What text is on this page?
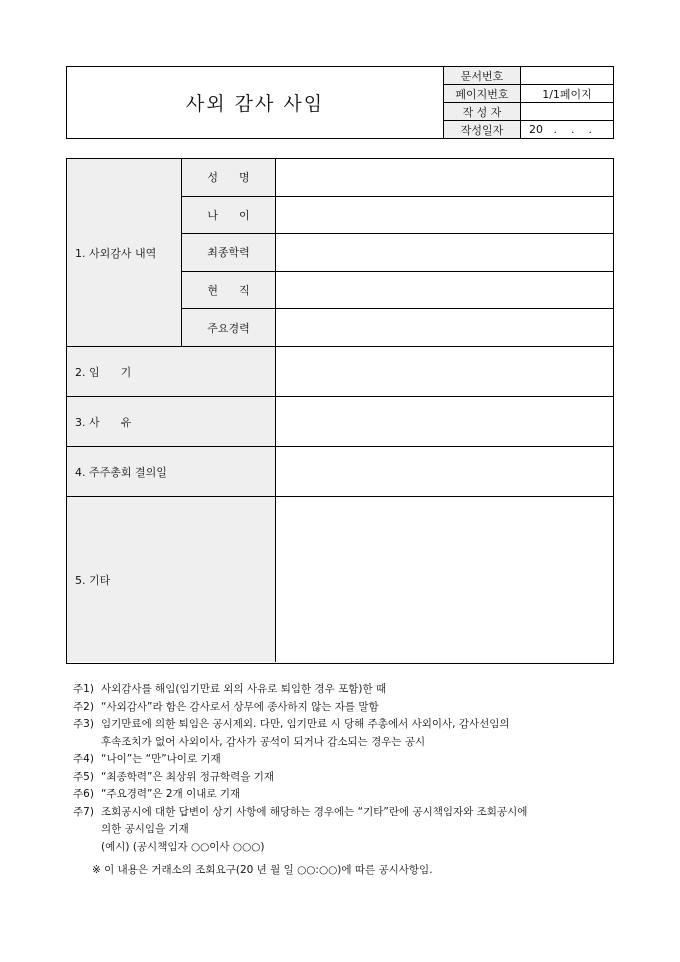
사외 감사 사임
문서번호
페이지번호	1/1페이지
작 성 자
작성일자	20   .    .    .
1. 사외감사 내역
성      명
나      이
최종학력
현      직
주요경력
2. 임      기
3. 사      유
4. 주주총회 결의일
5. 기타
주1) 사외감사를 해임(임기만료 외의 사유로 퇴임한 경우 포함)한 때
주2) “사외감사”라 함은 감사로서 상무에 종사하지 않는 자를 말함
주3) 임기만료에 의한 퇴임은 공시제외. 다만, 임기만료 시 당해 주총에서 사외이사, 감사선임의
후속조치가 없어 사외이사, 감사가 공석이 되거나 감소되는 경우는 공시
주4) “나이”는 “만”나이로 기재
주5) “최종학력”은 최상위 정규학력을 기재
주6) “주요경력”은 2개 이내로 기재
주7) 조회공시에 대한 답변이 상기 사항에 해당하는 경우에는 “기타”란에 공시책임자와 조회공시에
의한 공시임을 기재
(예시) (공시책임자 ○○이사 ○○○)
※ 이 내용은 거래소의 조회요구(20 년 월 일 ○○:○○)에 따른 공시사항임.
